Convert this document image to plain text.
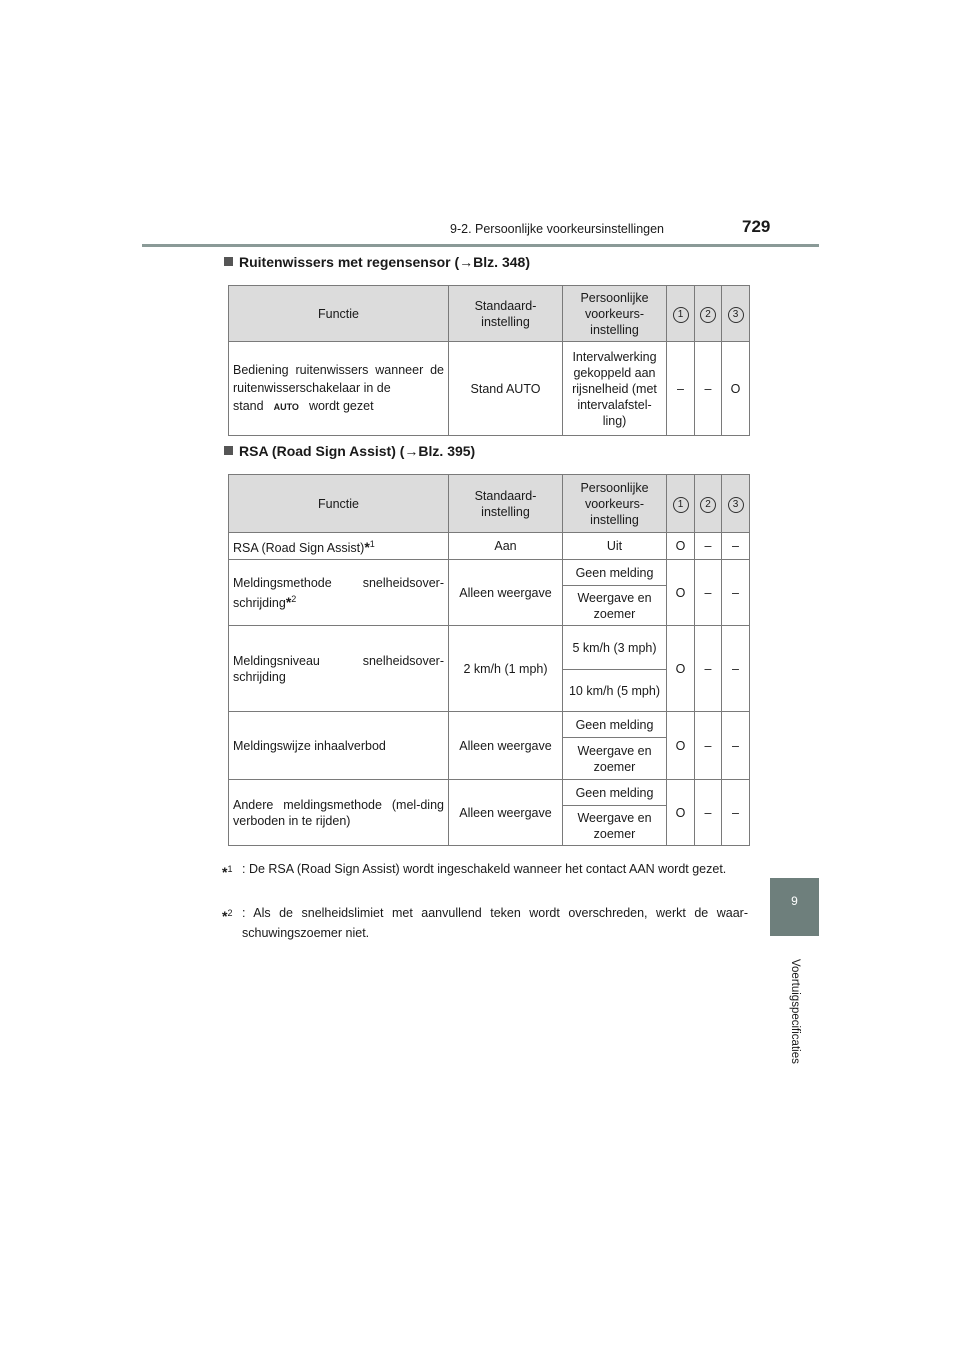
9-2. Persoonlijke voorkeursinstellingen	729
9
Voertuigspecificaties
Ruitenwissers met regensensor (→Blz. 348)
Functie	Standaard-instelling	Persoonlijke voorkeurs-instelling	1	2	3
Bediening ruitenwissers wanneer de ruitenwisserschakelaar in de
stand AUTO wordt gezet	Stand AUTO	Intervalwerking gekoppeld aan rijsnelheid (met intervalafstel-ling)	–	–	O
RSA (Road Sign Assist) (→Blz. 395)
Functie	Standaard-instelling	Persoonlijke voorkeurs-instelling	1	2	3
RSA (Road Sign Assist)*$^1$	Aan	Uit	O	–	–
Meldingsmethode snelheidsover-schrijding*$^2$	Alleen weergave	Geen melding	O	–	–
		Weergave en zoemer			
Meldingsniveau snelheidsover-schrijding	2 km/h (1 mph)	5 km/h (3 mph)	O	–	–
		10 km/h (5 mph)			
Meldingswijze inhaalverbod	Alleen weergave	Geen melding	O	–	–
		Weergave en zoemer			
Andere meldingsmethode (mel-ding verboden in te rijden)	Alleen weergave	Geen melding	O	–	–
		Weergave en zoemer			
*$^1$ : De RSA (Road Sign Assist) wordt ingeschakeld wanneer het contact AAN wordt gezet.
*$^2$ : Als de snelheidslimiet met aanvullend teken wordt overschreden, werkt de waar-schuwingszoemer niet.
